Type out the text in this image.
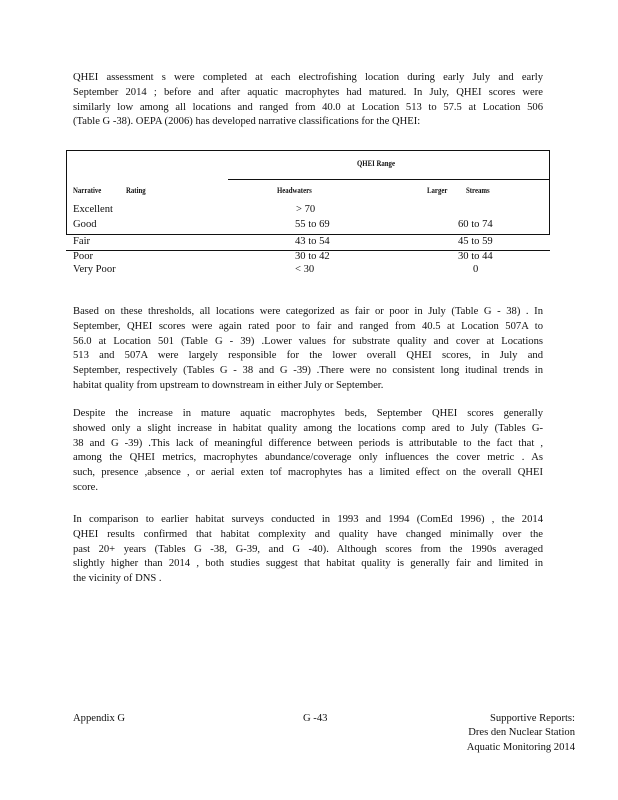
QHEI assessment s were completed at each electrofishing location during early July and early
September 2014 ; before and after aquatic macrophytes had matured. In July, QHEI scores were
similarly low among all locations and ranged from 40.0 at Location 513 to 57.5 at Location 506
(Table G -38). OEPA (2006) has developed narrative classifications for the QHEI:
QHEI Range
Narrative	Rating	Headwaters	Larger Streams
Excellent	> 70
Good	55 to 69	60 to 74
Fair	43 to 54	45 to 59
Poor	30 to 42	30 to 44
Very Poor	< 30	0
Based on these thresholds, all locations were categorized as fair or poor in July (Table G - 38) . In
September, QHEI scores were again rated poor to fair and ranged from 40.5 at Location 507A to
56.0 at Location 501 (Table G - 39) .Lower values for substrate quality and cover at Locations
513 and 507A were largely responsible for the lower overall QHEI scores, in July and
September, respectively (Tables G - 38 and G -39) .There were no consistent long itudinal trends in
habitat quality from upstream to downstream in either July or September.
Despite the increase in mature aquatic macrophytes beds, September QHEI scores generally
showed only a slight increase in habitat quality among the locations comp ared to July (Tables G-
38 and G -39) .This lack of meaningful difference between periods is attributable to the fact that ,
among the QHEI metrics, macrophytes abundance/coverage only influences the cover metric . As
such, presence ,absence , or aerial exten tof macrophytes has a limited effect on the overall QHEI
score.
In comparison to earlier habitat surveys conducted in 1993 and 1994 (ComEd 1996) , the 2014
QHEI results confirmed that habitat complexity and quality have changed minimally over the
past 20+ years (Tables G -38, G-39, and G -40). Although scores from the 1990s averaged
slightly higher than 2014 , both studies suggest that habitat quality is generally fair and limited in
the vicinity of DNS .
Appendix G	G -43	Supportive Reports:
Dres den Nuclear Station
Aquatic Monitoring 2014
